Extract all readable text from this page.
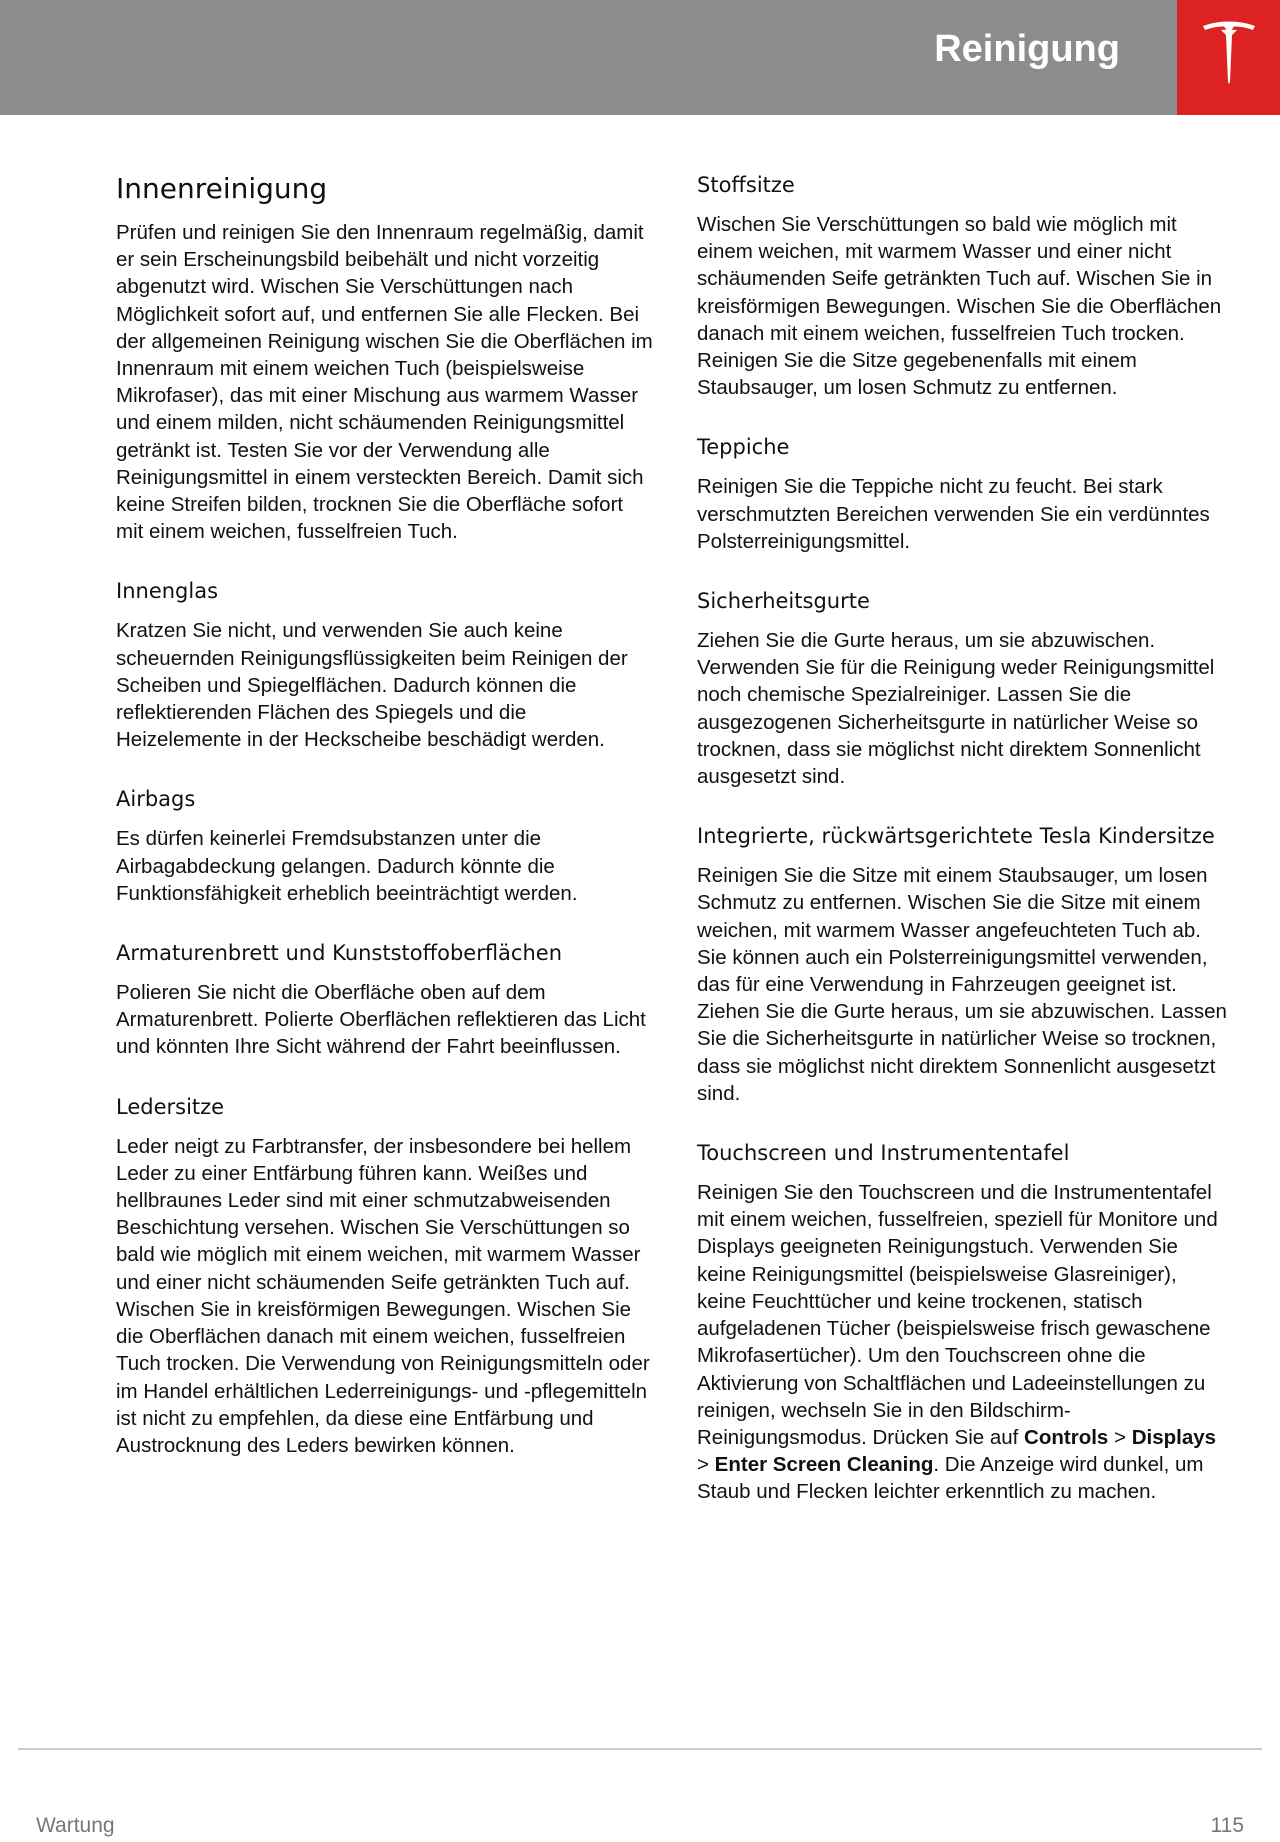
Reinigung
Innenreinigung

Prüfen und reinigen Sie den Innenraum regelmäßig, damit er sein Erscheinungsbild beibehält und nicht vorzeitig abgenutzt wird. Wischen Sie Verschüttungen nach Möglichkeit sofort auf, und entfernen Sie alle Flecken. Bei der allgemeinen Reinigung wischen Sie die Oberflächen im Innenraum mit einem weichen Tuch (beispielsweise Mikrofaser), das mit einer Mischung aus warmem Wasser und einem milden, nicht schäumenden Reinigungsmittel getränkt ist. Testen Sie vor der Verwendung alle Reinigungsmittel in einem versteckten Bereich. Damit sich keine Streifen bilden, trocknen Sie die Oberfläche sofort mit einem weichen, fusselfreien Tuch.

Innenglas

Kratzen Sie nicht, und verwenden Sie auch keine scheuernden Reinigungsflüssigkeiten beim Reinigen der Scheiben und Spiegelflächen. Dadurch können die reflektierenden Flächen des Spiegels und die Heizelemente in der Heckscheibe beschädigt werden.

Airbags

Es dürfen keinerlei Fremdsubstanzen unter die Airbagabdeckung gelangen. Dadurch könnte die Funktionsfähigkeit erheblich beeinträchtigt werden.

Armaturenbrett und Kunststoffoberflächen

Polieren Sie nicht die Oberfläche oben auf dem Armaturenbrett. Polierte Oberflächen reflektieren das Licht und könnten Ihre Sicht während der Fahrt beeinflussen.

Ledersitze

Leder neigt zu Farbtransfer, der insbesondere bei hellem Leder zu einer Entfärbung führen kann. Weißes und hellbraunes Leder sind mit einer schmutzabweisenden Beschichtung versehen. Wischen Sie Verschüttungen so bald wie möglich mit einem weichen, mit warmem Wasser und einer nicht schäumenden Seife getränkten Tuch auf. Wischen Sie in kreisförmigen Bewegungen. Wischen Sie die Oberflächen danach mit einem weichen, fusselfreien Tuch trocken. Die Verwendung von Reinigungsmitteln oder im Handel erhältlichen Lederreinigungs- und -pflegemitteln ist nicht zu empfehlen, da diese eine Entfärbung und Austrocknung des Leders bewirken können.

Stoffsitze

Wischen Sie Verschüttungen so bald wie möglich mit einem weichen, mit warmem Wasser und einer nicht schäumenden Seife getränkten Tuch auf. Wischen Sie in kreisförmigen Bewegungen. Wischen Sie die Oberflächen danach mit einem weichen, fusselfreien Tuch trocken. Reinigen Sie die Sitze gegebenenfalls mit einem Staubsauger, um losen Schmutz zu entfernen.

Teppiche

Reinigen Sie die Teppiche nicht zu feucht. Bei stark verschmutzten Bereichen verwenden Sie ein verdünntes Polsterreinigungsmittel.

Sicherheitsgurte

Ziehen Sie die Gurte heraus, um sie abzuwischen. Verwenden Sie für die Reinigung weder Reinigungsmittel noch chemische Spezialreiniger. Lassen Sie die ausgezogenen Sicherheitsgurte in natürlicher Weise so trocknen, dass sie möglichst nicht direktem Sonnenlicht ausgesetzt sind.

Integrierte, rückwärtsgerichtete Tesla Kindersitze

Reinigen Sie die Sitze mit einem Staubsauger, um losen Schmutz zu entfernen. Wischen Sie die Sitze mit einem weichen, mit warmem Wasser angefeuchteten Tuch ab. Sie können auch ein Polsterreinigungsmittel verwenden, das für eine Verwendung in Fahrzeugen geeignet ist. Ziehen Sie die Gurte heraus, um sie abzuwischen. Lassen Sie die Sicherheitsgurte in natürlicher Weise so trocknen, dass sie möglichst nicht direktem Sonnenlicht ausgesetzt sind.

Touchscreen und Instrumententafel

Reinigen Sie den Touchscreen und die Instrumententafel mit einem weichen, fusselfreien, speziell für Monitore und Displays geeigneten Reinigungstuch. Verwenden Sie keine Reinigungsmittel (beispielsweise Glasreiniger), keine Feuchttücher und keine trockenen, statisch aufgeladenen Tücher (beispielsweise frisch gewaschene Mikrofasertücher). Um den Touchscreen ohne die Aktivierung von Schaltflächen und Ladeeinstellungen zu reinigen, wechseln Sie in den Bildschirm-Reinigungsmodus. Drücken Sie auf Controls > Displays > Enter Screen Cleaning. Die Anzeige wird dunkel, um Staub und Flecken leichter erkenntlich zu machen.

Wartung	115
